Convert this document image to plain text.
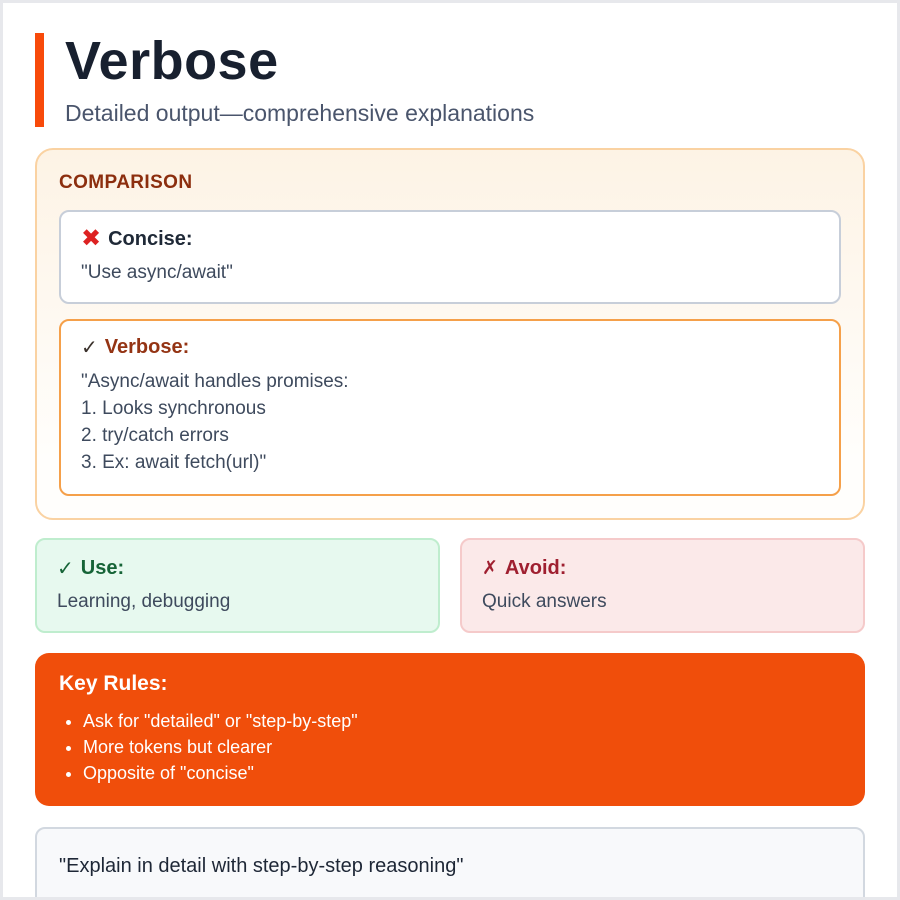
Verbose
Detailed output—comprehensive explanations
COMPARISON
✖ Concise:
"Use async/await"
✓ Verbose:
"Async/await handles promises:
1. Looks synchronous
2. try/catch errors
3. Ex: await fetch(url)"
✓ Use:
Learning, debugging
✗ Avoid:
Quick answers
Key Rules:
• Ask for "detailed" or "step-by-step"
• More tokens but clearer
• Opposite of "concise"
"Explain in detail with step-by-step reasoning"
